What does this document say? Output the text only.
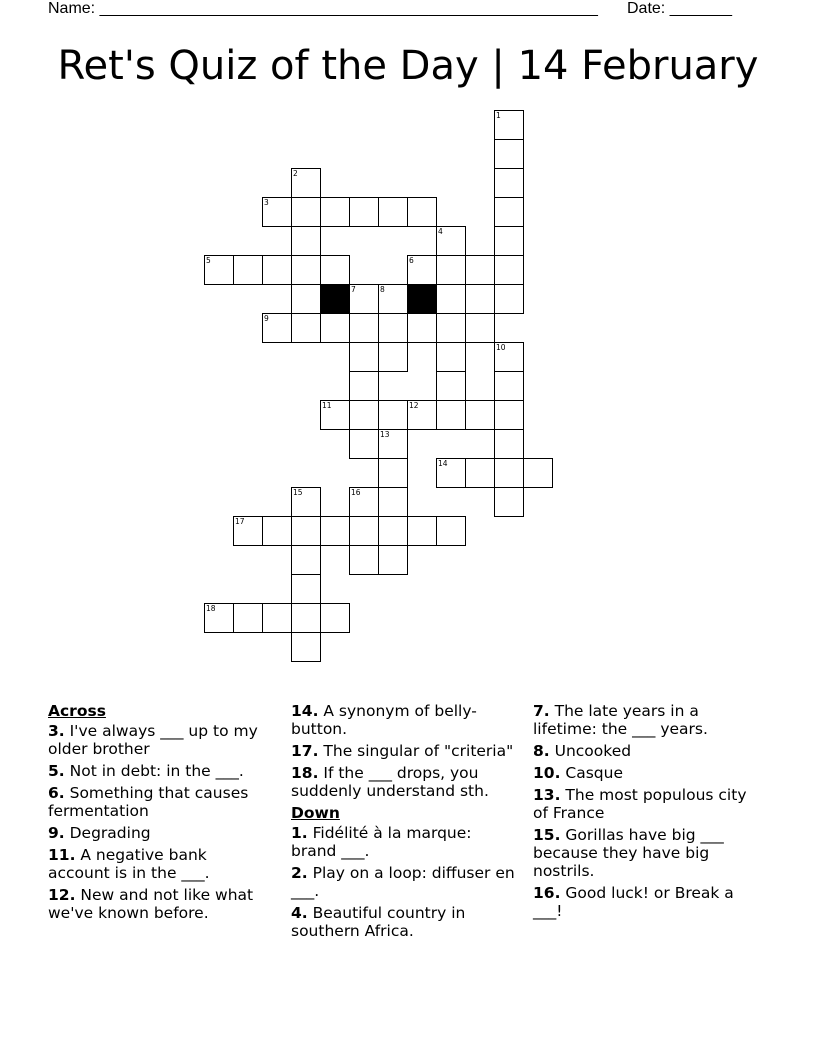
Name: ________________________________________________________ Date: _______
Ret's Quiz of the Day | 14 February
1
2
3
4
5	6
7	8
9
10
11	12
13
14
15	16
17
18
Across
3. I've always ___ up to my older brother
5. Not in debt: in the ___.
6. Something that causes fermentation
9. Degrading
11. A negative bank account is in the ___.
12. New and not like what we've known before.
14. A synonym of belly-button.
17. The singular of "criteria"
18. If the ___ drops, you suddenly understand sth.
Down
1. Fidélité à la marque: brand ___.
2. Play on a loop: diffuser en ___.
4. Beautiful country in southern Africa.
7. The late years in a lifetime: the ___ years.
8. Uncooked
10. Casque
13. The most populous city of France
15. Gorillas have big ___ because they have big nostrils.
16. Good luck! or Break a ___!
